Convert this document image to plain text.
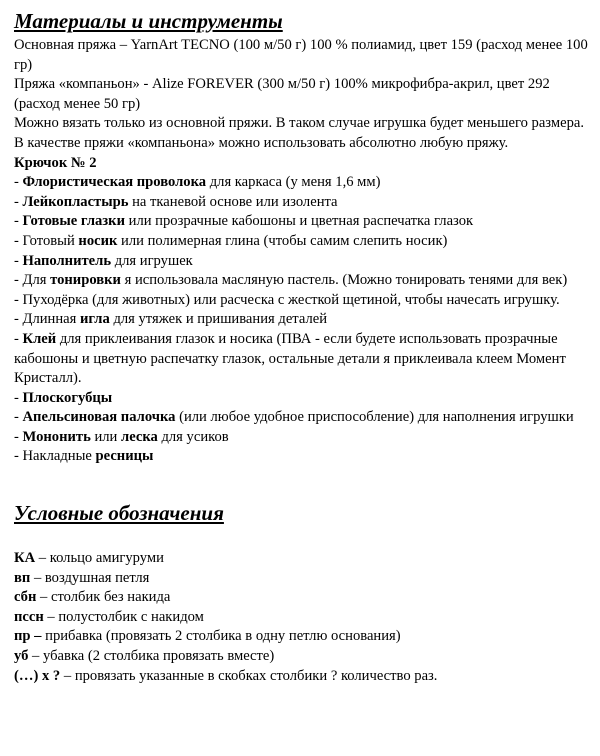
Материалы и инструменты

Основная пряжа – YarnArt TECNO (100 м/50 г) 100 % полиамид, цвет 159 (расход менее 100 гр)

Пряжа «компаньон» - Alize FOREVER (300 м/50 г) 100% микрофибра-акрил, цвет 292 (расход менее 50 гр)

Можно вязать только из основной пряжи. В таком случае игрушка будет меньшего размера. В качестве пряжи «компаньона» можно использовать абсолютно любую пряжу.

Крючок № 2

- Флористическая проволока для каркаса (у меня 1,6 мм)

- Лейкопластырь на тканевой основе или изолента

- Готовые глазки или прозрачные кабошоны и цветная распечатка глазок

- Готовый носик или полимерная глина (чтобы самим слепить носик)

- Наполнитель для игрушек

- Для тонировки я использовала масляную пастель. (Можно тонировать тенями для век)

- Пуходёрка (для животных) или расческа с жесткой щетиной, чтобы начесать игрушку.

- Длинная игла для утяжек и пришивания деталей

- Клей для приклеивания глазок и носика (ПВА - если будете использовать прозрачные кабошоны и цветную распечатку глазок, остальные детали я приклеивала клеем Момент Кристалл).

- Плоскогубцы

- Апельсиновая палочка (или любое удобное приспособление) для наполнения игрушки

- Мононить или леска для усиков

- Накладные ресницы

Условные обозначения

КА – кольцо амигуруми

вп – воздушная петля

сбн – столбик без накида

пссн – полустолбик с накидом

пр – прибавка (провязать 2 столбика в одну петлю основания)

уб – убавка (2 столбика провязать вместе)

(…) х ? – провязать указанные в скобках столбики ? количество раз.
